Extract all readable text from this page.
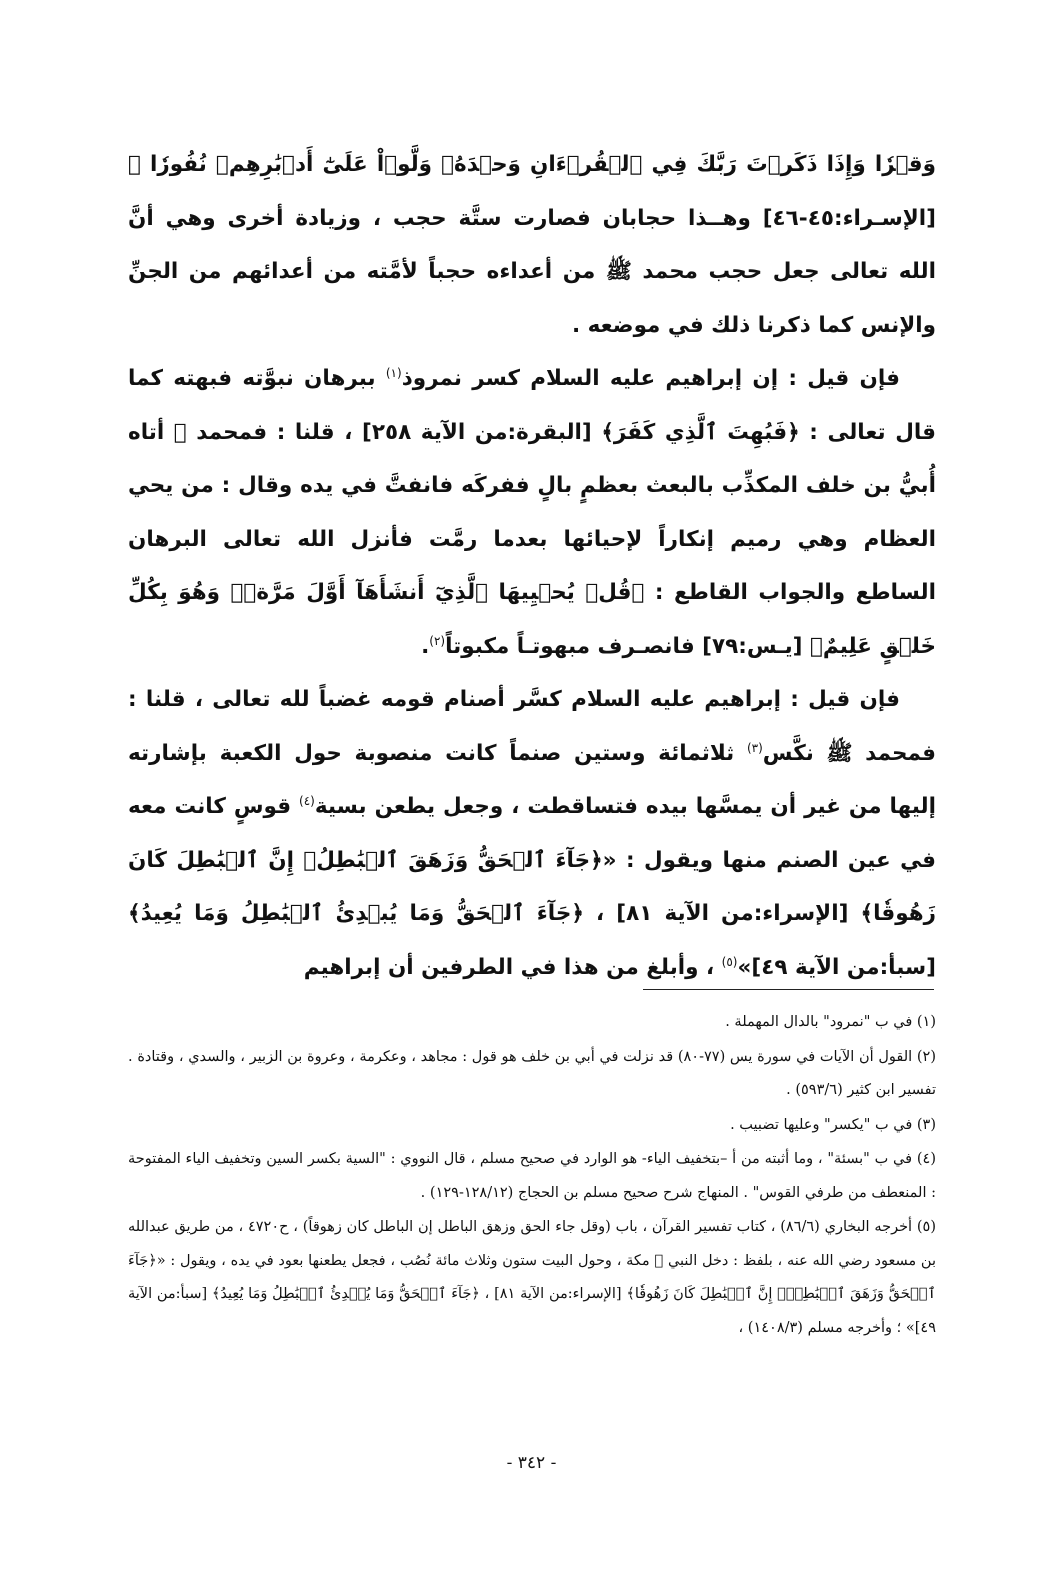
وَقۡرٗا وَإِذَا ذَكَرۡتَ رَبَّكَ فِي ٱلۡقُرۡءَانِ وَحۡدَهُۥ وَلَّوۡاْ عَلَىٰٓ أَدۡبَٰرِهِمۡ نُفُورٗا ﴾ [الإسـراء:٤٥-٤٦] وهــذا حجابان فصارت ستَّة حجب ، وزيادة أخرى وهي أنَّ الله تعالى جعل حجب محمد ﷺ من أعداءه حجباً لأمَّته من أعدائهم من الجنِّ والإنس كما ذكرنا ذلك في موضعه .

فإن قيل : إن إبراهيم عليه السلام كسر نمروذ$^{(١)}$ ببرهان نبوَّته فبهته كما قال تعالى : ﴿فَبُهِتَ ٱلَّذِي كَفَرَ﴾ [البقرة:من الآية ٢٥٨] ، قلنا : فمحمد ﷺ أتاه أُبيُّ بن خلف المكذِّب بالبعث بعظمٍ بالٍ ففركَه فانفتَّ في يده وقال : من يحي العظام وهي رميم إنكاراً لإحيائها بعدما رمَّت فأنزل الله تعالى البرهان الساطع والجواب القاطع : ﴿قُلۡ يُحۡيِيهَا ٱلَّذِيٓ أَنشَأَهَآ أَوَّلَ مَرَّةٖۖ وَهُوَ بِكُلِّ خَلۡقٍ عَلِيمٌ﴾ [يـس:٧٩] فانصـرف مبهوتـاً مكبوتاً$^{(٢)}$.

فإن قيل : إبراهيم عليه السلام كسَّر أصنام قومه غضباً لله تعالى ، قلنا : فمحمد ﷺ نكَّس$^{(٣)}$ ثلاثمائة وستين صنماً كانت منصوبة حول الكعبة بإشارته إليها من غير أن يمسَّها بيده فتساقطت ، وجعل يطعن بسية$^{(٤)}$ قوسٍ كانت معه في عين الصنم منها ويقول : «﴿جَآءَ ٱلۡحَقُّ وَزَهَقَ ٱلۡبَٰطِلُۚ إِنَّ ٱلۡبَٰطِلَ كَانَ زَهُوقٗا﴾ [الإسراء:من الآية ٨١] ، ﴿جَآءَ ٱلۡحَقُّ وَمَا يُبۡدِئُ ٱلۡبَٰطِلُ وَمَا يُعِيدُ﴾ [سبأ:من الآية ٤٩]»$^{(٥)}$ ، وأبلغ من هذا في الطرفين أن إبراهيم

(١) في ب "نمرود" بالدال المهملة .

(٢) القول أن الآيات في سورة يس (٧٧-٨٠) قد نزلت في أبي بن خلف هو قول : مجاهد ، وعكرمة ، وعروة بن الزبير ، والسدي ، وقتادة . تفسير ابن كثير (٥٩٣/٦) .

(٣) في ب "يكسر" وعليها تضبيب .

(٤) في ب "بسئة" ، وما أثبته من أ –بتخفيف الياء- هو الوارد في صحيح مسلم ، قال النووي : "السية بكسر السين وتخفيف الياء المفتوحة : المنعطف من طرفي القوس" . المنهاج شرح صحيح مسلم بن الحجاج (١٢٨/١٢-١٢٩) .

(٥) أخرجه البخاري (٨٦/٦) ، كتاب تفسير القرآن ، باب (وقل جاء الحق وزهق الباطل إن الباطل كان زهوقاً) ، ح٤٧٢٠ ، من طريق عبدالله بن مسعود رضي الله عنه ، بلفظ : دخل النبي ﷺ مكة ، وحول البيت ستون وثلاث مائة نُصُب ، فجعل يطعنها بعود في يده ، ويقول : «﴿جَآءَ ٱلۡحَقُّ وَزَهَقَ ٱلۡبَٰطِلُۚ إِنَّ ٱلۡبَٰطِلَ كَانَ زَهُوقٗا﴾ [الإسراء:من الآية ٨١] ، ﴿جَآءَ ٱلۡحَقُّ وَمَا يُبۡدِئُ ٱلۡبَٰطِلُ وَمَا يُعِيدُ﴾ [سبأ:من الآية ٤٩]» ؛ وأخرجه مسلم (١٤٠٨/٣) ،

- ٣٤٢ -
